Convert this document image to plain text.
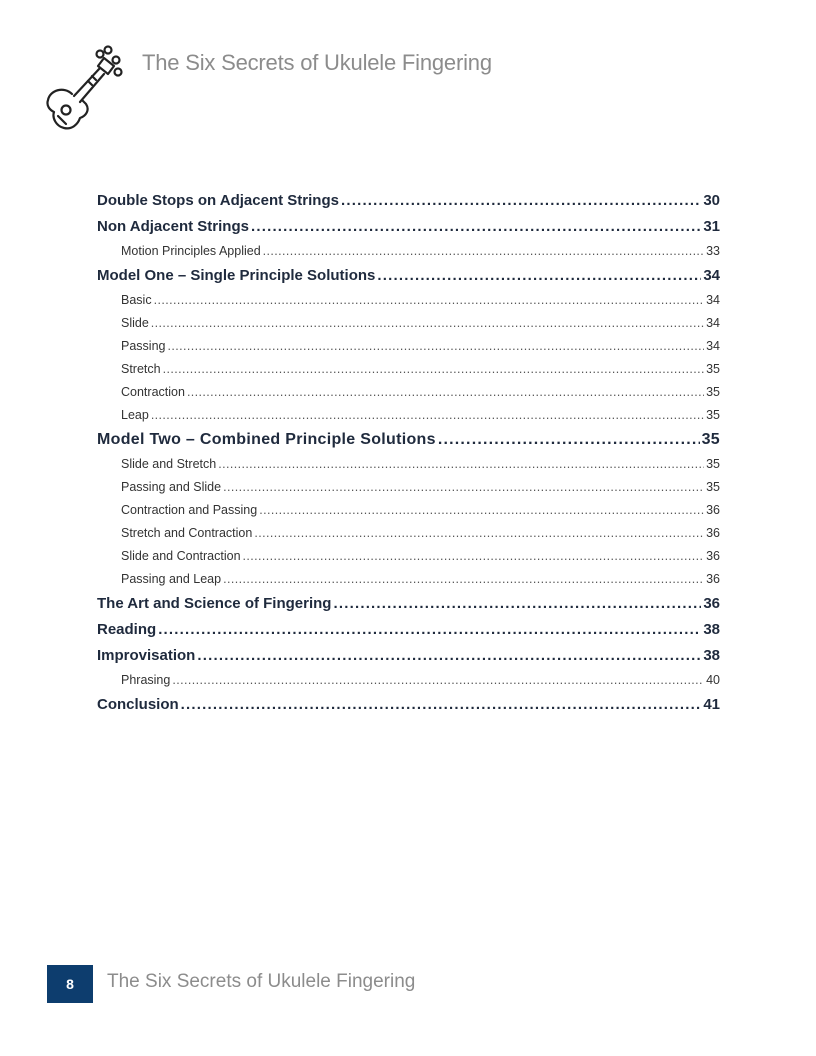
The Six Secrets of Ukulele Fingering
Double Stops on Adjacent Strings .....	30
Non Adjacent Strings .....	31
Motion Principles Applied .....	33
Model One – Single Principle Solutions .....	34
Basic .....	34
Slide .....	34
Passing .....	34
Stretch .....	35
Contraction .....	35
Leap .....	35
Model Two – Combined Principle Solutions .....	35
Slide and Stretch .....	35
Passing and Slide .....	35
Contraction and Passing .....	36
Stretch and Contraction .....	36
Slide and Contraction .....	36
Passing and Leap .....	36
The Art and Science of Fingering .....	36
Reading .....	38
Improvisation .....	38
Phrasing .....	40
Conclusion .....	41
8	The Six Secrets of Ukulele Fingering
